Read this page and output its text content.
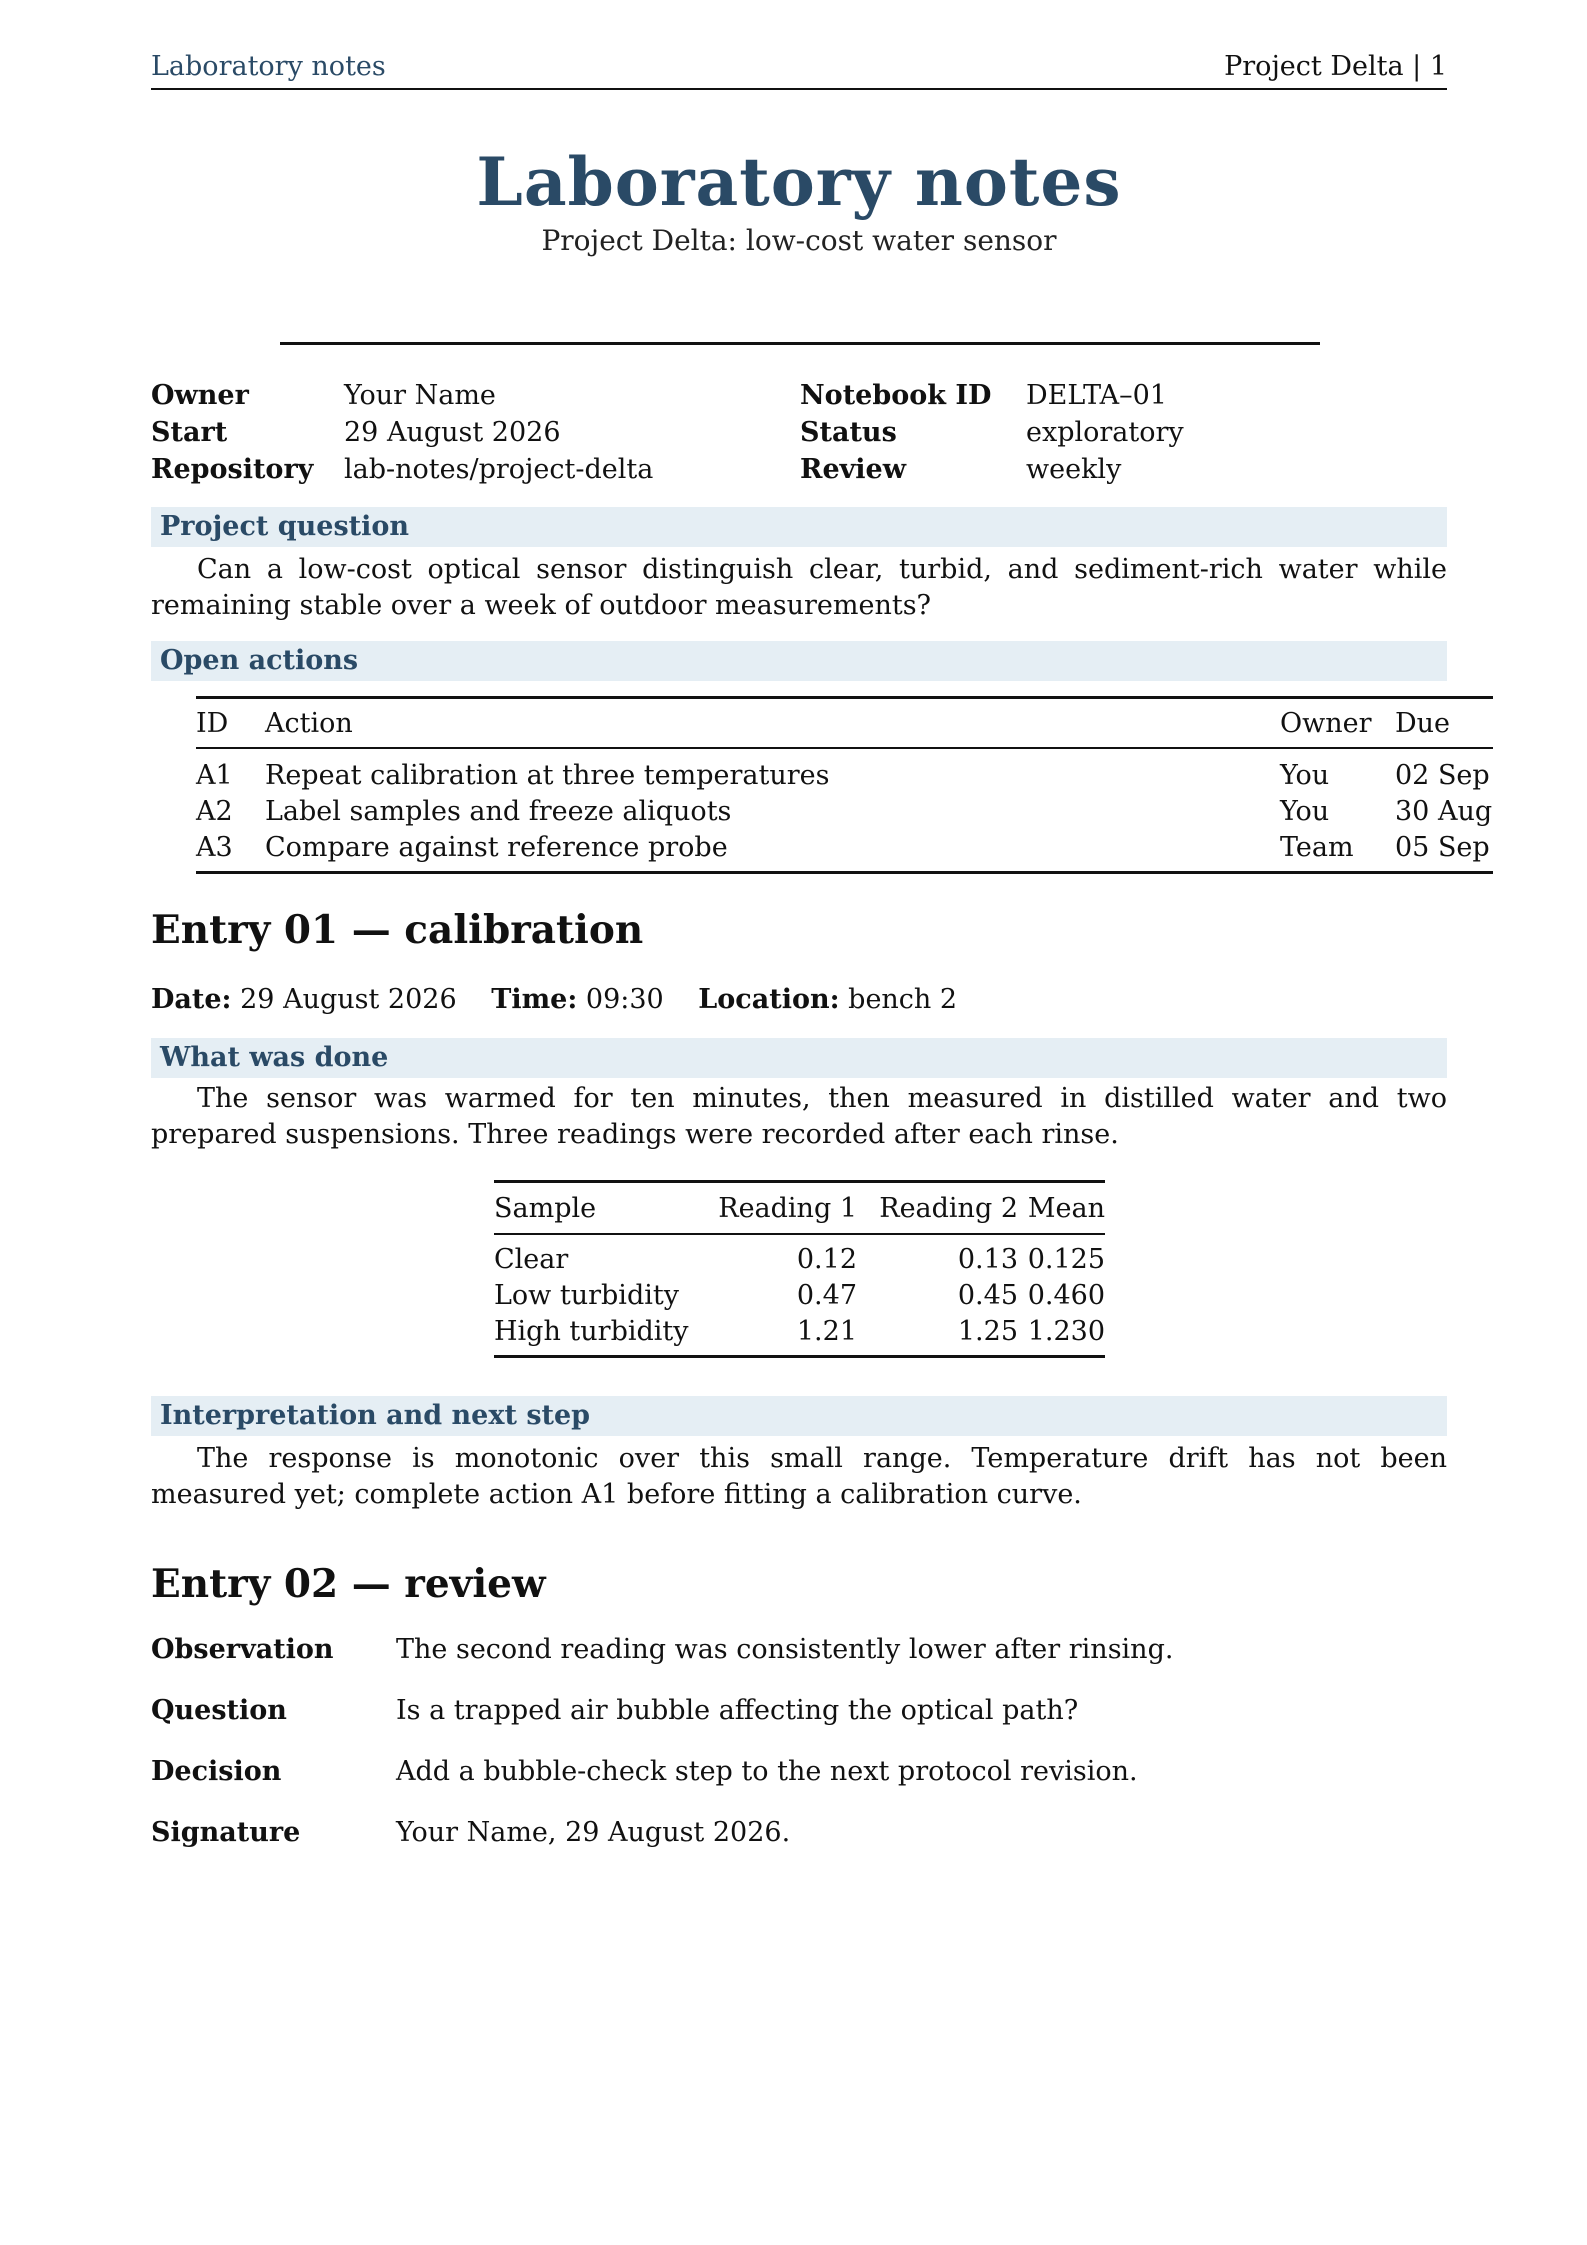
Laboratory notes	Project Delta | 1
Laboratory notes
Project Delta: low-cost water sensor
Owner	Your Name	Notebook ID	DELTA–01
Start	29 August 2026	Status	exploratory
Repository	lab-notes/project-delta	Review	weekly
Project question

Can a low-cost optical sensor distinguish clear, turbid, and sediment-rich water while remaining stable over a week of outdoor measurements?

Open actions
ID	Action	Owner	Due
A1	Repeat calibration at three temperatures	You	02 Sep
A2	Label samples and freeze aliquots	You	30 Aug
A3	Compare against reference probe	Team	05 Sep
Entry 01 — calibration
Date: 29 August 2026 Time: 09:30 Location: bench 2
What was done

The sensor was warmed for ten minutes, then measured in distilled water and two prepared suspensions. Three readings were recorded after each rinse.

Sample	Reading 1	Reading 2	Mean
Clear	0.12	0.13	0.125
Low turbidity	0.47	0.45	0.460
High turbidity	1.21	1.25	1.230
Interpretation and next step

The response is monotonic over this small range. Temperature drift has not been measured yet; complete action A1 before fitting a calibration curve.

Entry 02 — review
Observation	The second reading was consistently lower after rinsing.
Question	Is a trapped air bubble affecting the optical path?
Decision	Add a bubble-check step to the next protocol revision.
Signature	Your Name, 29 August 2026.
